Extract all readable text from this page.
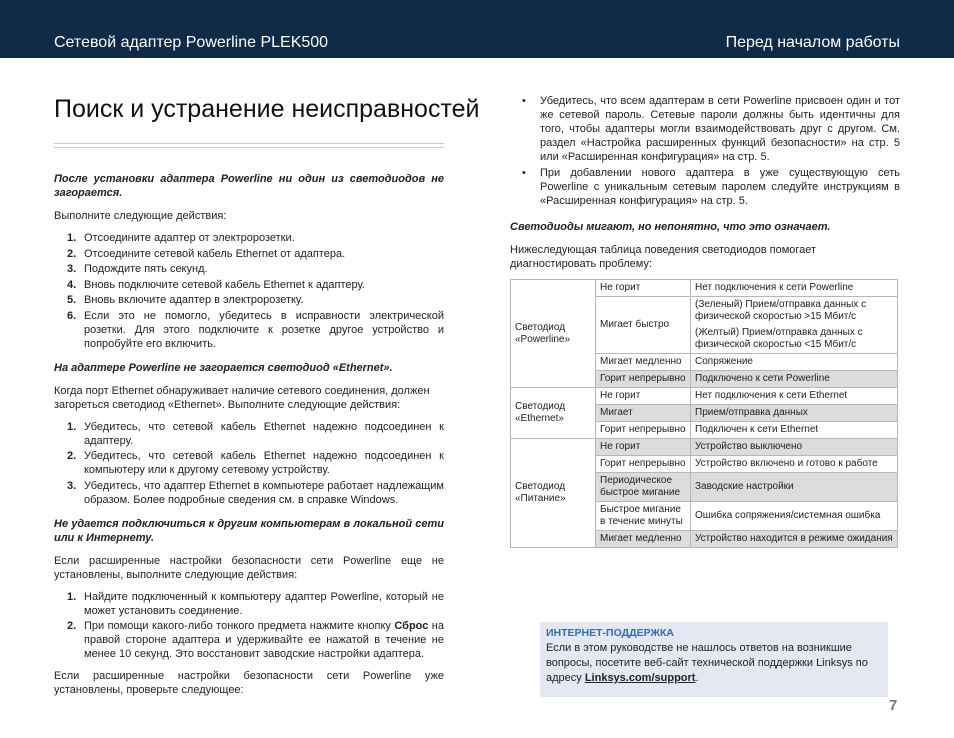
Сетевой адаптер Powerline PLEK500	Перед началом работы
Поиск и устранение неисправностей

После установки адаптера Powerline ни один из светодиодов не загорается.

Выполните следующие действия:

1. Отсоедините адаптер от электророзетки.
2. Отсоедините сетевой кабель Ethernet от адаптера.
3. Подождите пять секунд.
4. Вновь подключите сетевой кабель Ethernet к адаптеру.
5. Вновь включите адаптер в электророзетку.
6. Если это не помогло, убедитесь в исправности электрической розетки. Для этого подключите к розетке другое устройство и попробуйте его включить.

На адаптере Powerline не загорается светодиод «Ethernet».

Когда порт Ethernet обнаруживает наличие сетевого соединения, должен загореться светодиод «Ethernet». Выполните следующие действия:

1. Убедитесь, что сетевой кабель Ethernet надежно подсоединен к адаптеру.
2. Убедитесь, что сетевой кабель Ethernet надежно подсоединен к компьютеру или к другому сетевому устройству.
3. Убедитесь, что адаптер Ethernet в компьютере работает надлежащим образом. Более подробные сведения см. в справке Windows.

Не удается подключиться к другим компьютерам в локальной сети или к Интернету.

Если расширенные настройки безопасности сети Powerline еще не установлены, выполните следующие действия:

1. Найдите подключенный к компьютеру адаптер Powerline, который не может установить соединение.
2. При помощи какого-либо тонкого предмета нажмите кнопку Сброс на правой стороне адаптера и удерживайте ее нажатой в течение не менее 10 секунд. Это восстановит заводские настройки адаптера.

Если расширенные настройки безопасности сети Powerline уже установлены, проверьте следующее:

• Убедитесь, что всем адаптерам в сети Powerline присвоен один и тот же сетевой пароль. Сетевые пароли должны быть идентичны для того, чтобы адаптеры могли взаимодействовать друг с другом. См. раздел «Настройка расширенных функций безопасности» на стр. 5 или «Расширенная конфигурация» на стр. 5.
• При добавлении нового адаптера в уже существующую сеть Powerline с уникальным сетевым паролем следуйте инструкциям в «Расширенная конфигурация» на стр. 5.

Светодиоды мигают, но непонятно, что это означает.

Нижеследующая таблица поведения светодиодов помогает диагностировать проблему:

Светодиод «Powerline»	Не горит	Нет подключения к сети Powerline
	Мигает быстро	(Зеленый) Прием/отправка данных с физической скоростью >15 Мбит/с
		(Желтый) Прием/отправка данных с физической скоростью <15 Мбит/с
	Мигает медленно	Сопряжение
	Горит непрерывно	Подключено к сети Powerline
Светодиод «Ethernet»	Не горит	Нет подключения к сети Ethernet
	Мигает	Прием/отправка данных
	Горит непрерывно	Подключен к сети Ethernet
Светодиод «Питание»	Не горит	Устройство выключено
	Горит непрерывно	Устройство включено и готово к работе
	Периодическое быстрое мигание	Заводские настройки
	Быстрое мигание в течение минуты	Ошибка сопряжения/системная ошибка
	Мигает медленно	Устройство находится в режиме ожидания
ИНТЕРНЕТ-ПОДДЕРЖКА
Если в этом руководстве не нашлось ответов на возникшие вопросы, посетите веб-сайт технической поддержки Linksys по адресу Linksys.com/support.
7
